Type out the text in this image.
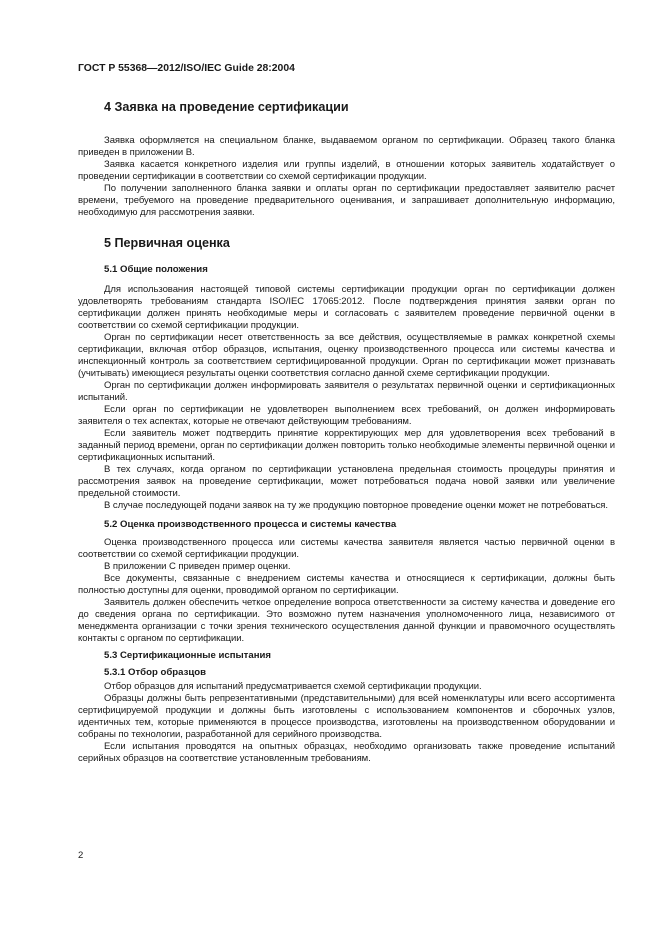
ГОСТ Р 55368—2012/ISO/IEC Guide 28:2004
4 Заявка на проведение сертификации

Заявка оформляется на специальном бланке, выдаваемом органом по сертификации. Образец такого бланка приведен в приложении В.

Заявка касается конкретного изделия или группы изделий, в отношении которых заявитель ходатайствует о проведении сертификации в соответствии со схемой сертификации продукции.

По получении заполненного бланка заявки и оплаты орган по сертификации предоставляет заявителю расчет времени, требуемого на проведение предварительного оценивания, и запрашивает дополнительную информацию, необходимую для рассмотрения заявки.

5 Первичная оценка
5.1 Общие положения

Для использования настоящей типовой системы сертификации продукции орган по сертификации должен удовлетворять требованиям стандарта ISO/IEC 17065:2012. После подтверждения принятия заявки орган по сертификации должен принять необходимые меры и согласовать с заявителем проведение первичной оценки в соответствии со схемой сертификации продукции.

Орган по сертификации несет ответственность за все действия, осуществляемые в рамках конкретной схемы сертификации, включая отбор образцов, испытания, оценку производственного процесса или системы качества и инспекционный контроль за соответствием сертифицированной продукции. Орган по сертификации может признавать (учитывать) имеющиеся результаты оценки соответствия согласно данной схеме сертификации продукции.

Орган по сертификации должен информировать заявителя о результатах первичной оценки и сертификационных испытаний.

Если орган по сертификации не удовлетворен выполнением всех требований, он должен информировать заявителя о тех аспектах, которые не отвечают действующим требованиям.

Если заявитель может подтвердить принятие корректирующих мер для удовлетворения всех требований в заданный период времени, орган по сертификации должен повторить только необходимые элементы первичной оценки и сертификационных испытаний.

В тех случаях, когда органом по сертификации установлена предельная стоимость процедуры принятия и рассмотрения заявок на проведение сертификации, может потребоваться подача новой заявки или увеличение предельной стоимости.

В случае последующей подачи заявок на ту же продукцию повторное проведение оценки может не потребоваться.

5.2 Оценка производственного процесса и системы качества

Оценка производственного процесса или системы качества заявителя является частью первичной оценки в соответствии со схемой сертификации продукции.

В приложении С приведен пример оценки.

Все документы, связанные с внедрением системы качества и относящиеся к сертификации, должны быть полностью доступны для оценки, проводимой органом по сертификации.

Заявитель должен обеспечить четкое определение вопроса ответственности за систему качества и доведение его до сведения органа по сертификации. Это возможно путем назначения уполномоченного лица, независимого от менеджмента организации с точки зрения технического осуществления данной функции и правомочного осуществлять контакты с органом по сертификации.

5.3 Сертификационные испытания
5.3.1 Отбор образцов

Отбор образцов для испытаний предусматривается схемой сертификации продукции.

Образцы должны быть репрезентативными (представительными) для всей номенклатуры или всего ассортимента сертифицируемой продукции и должны быть изготовлены с использованием компонентов и сборочных узлов, идентичных тем, которые применяются в процессе производства, изготовлены на производственном оборудовании и собраны по технологии, разработанной для серийного производства.

Если испытания проводятся на опытных образцах, необходимо организовать также проведение испытаний серийных образцов на соответствие установленным требованиям.

2
